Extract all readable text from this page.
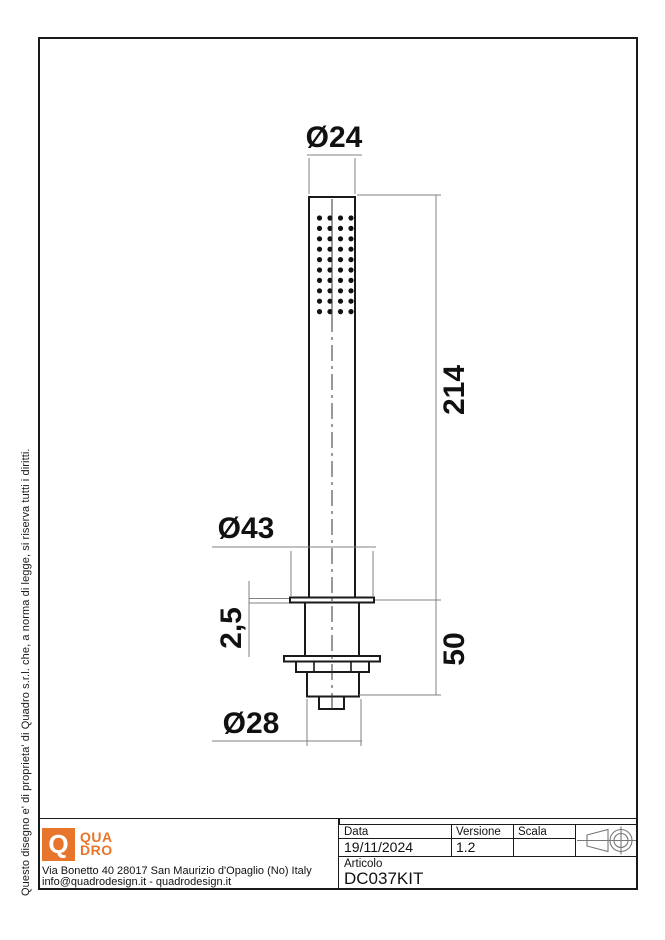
Questo disegno e' di proprieta' di Quadro s.r.l. che, a norma di legge, si riserva tutti i diritti.
Ø24
214
Ø43
2,5
50
Ø28
Q QUA
DRO
Via Bonetto 40 28017 San Maurizio d'Opaglio (No) Italy
info@quadrodesign.it - quadrodesign.it
Data
19/11/2024
Versione
1.2
Scala
Articolo
DC037KIT
